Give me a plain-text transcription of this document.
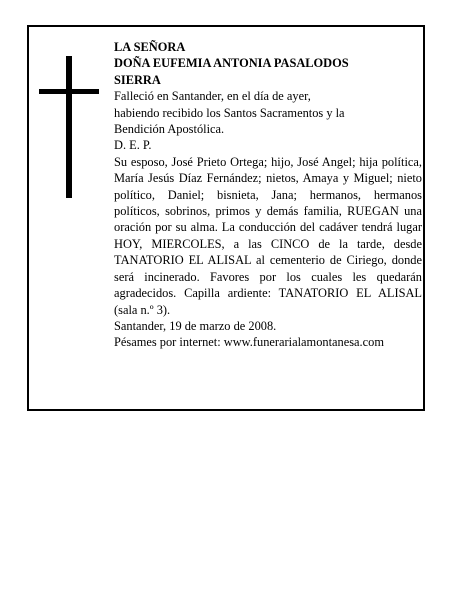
LA SEÑORA
DOÑA EUFEMIA ANTONIA PASALODOS
SIERRA
Falleció en Santander, en el día de ayer,
habiendo recibido los Santos Sacramentos y la
Bendición Apostólica.
D. E. P.
Su esposo, José Prieto Ortega; hijo, José Angel; hija política, María Jesús Díaz Fernández; nietos, Amaya y Miguel; nieto político, Daniel; bisnieta, Jana; hermanos, hermanos políticos, sobrinos, primos y demás familia, RUEGAN una oración por su alma. La conducción del cadáver tendrá lugar HOY, MIERCOLES, a las CINCO de la tarde, desde TANATORIO EL ALISAL al cementerio de Ciriego, donde será incinerado. Favores por los cuales les quedarán agradecidos. Capilla ardiente: TANATORIO EL ALISAL (sala n.º 3).
Santander, 19 de marzo de 2008.
Pésames por internet: www.funerarialamontanesa.com
